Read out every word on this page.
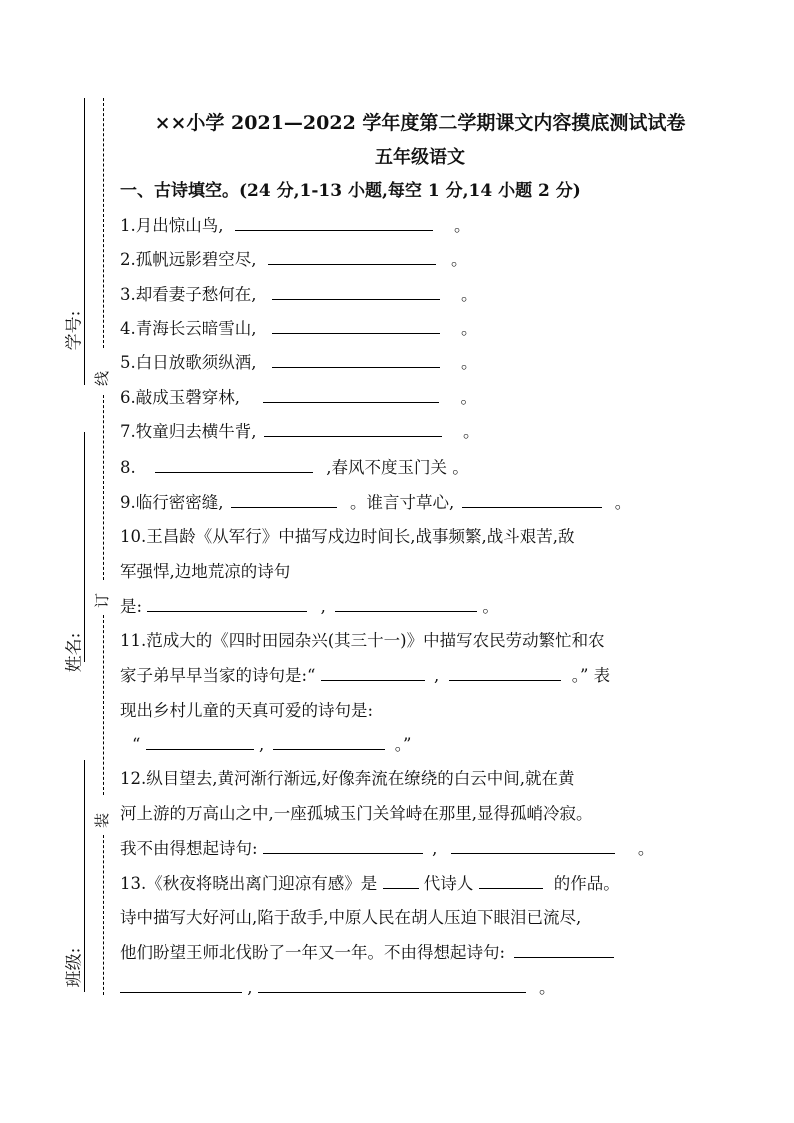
学号:
姓名:
班级:
线
订
装
××小学 2021—2022 学年度第二学期课文内容摸底测试试卷
五年级语文
一、古诗填空。(24 分,1-13 小题,每空 1 分,14 小题 2 分)
1.月出惊山鸟,	。
2.孤帆远影碧空尽,	。
3.却看妻子愁何在,	。
4.青海长云暗雪山,	。
5.白日放歌须纵酒,	。
6.敲成玉磬穿林,	。
7.牧童归去横牛背,	。
8.	,春风不度玉门关 。
9.临行密密缝,	。谁言寸草心,	。
10.王昌龄《从军行》中描写戍边时间长,战事频繁,战斗艰苦,敌
军强悍,边地荒凉的诗句
是:	,	。
11.范成大的《四时田园杂兴(其三十一)》中描写农民劳动繁忙和农
家子弟早早当家的诗句是:“	,	。” 表
现出乡村儿童的天真可爱的诗句是:
“	,	。”
12.纵目望去,黄河渐行渐远,好像奔流在缭绕的白云中间,就在黄
河上游的万高山之中,一座孤城玉门关耸峙在那里,显得孤峭冷寂。
我不由得想起诗句:	,	。
13.《秋夜将晓出离门迎凉有感》是	代诗人	的作品。
诗中描写大好河山,陷于敌手,中原人民在胡人压迫下眼泪已流尽,
他们盼望王师北伐盼了一年又一年。不由得想起诗句:
,	。
